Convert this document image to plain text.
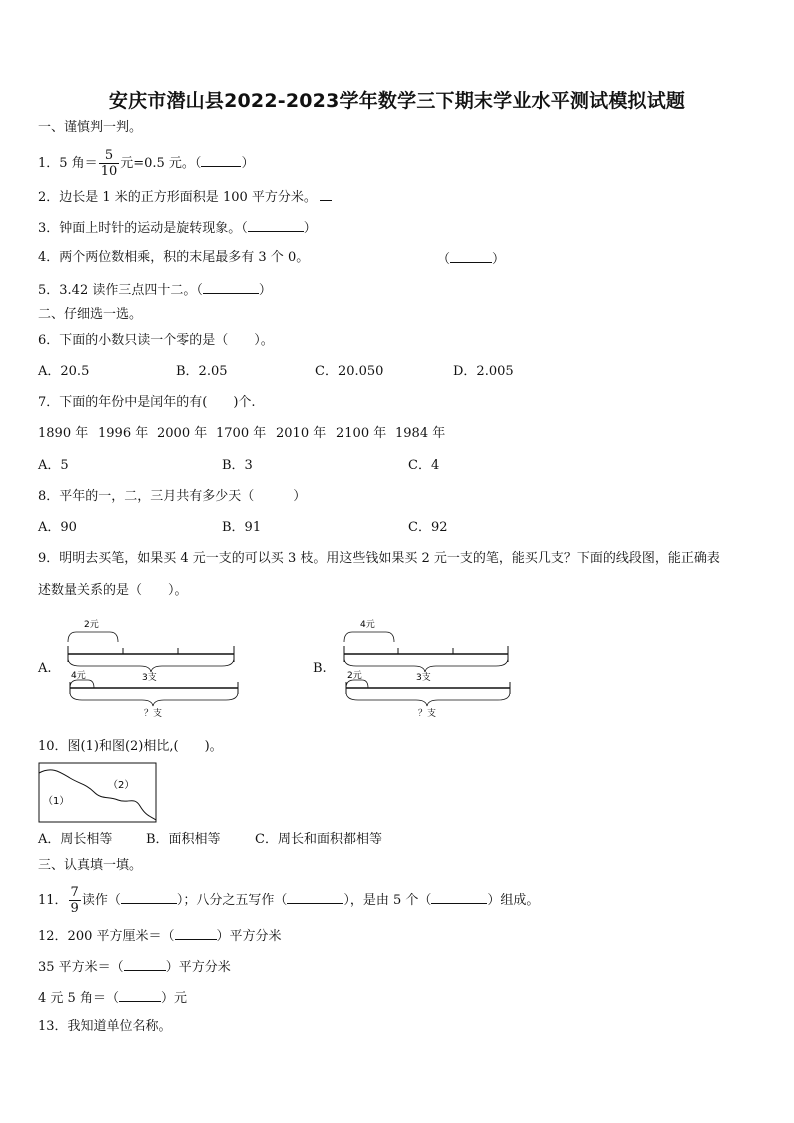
安庆市潜山县2022-2023学年数学三下期末学业水平测试模拟试题
一、谨慎判一判。
1．5 角＝ $\frac{5}{10}$ 元=0.5 元。（	）
2．边长是 1 米的正方形面积是 100 平方分米。
3．钟面上时针的运动是旋转现象。（	）
4．两个两位数相乘，积的末尾最多有 3 个 0。	（	）
5．3.42 读作三点四十二。（	）
二、仔细选一选。
6．下面的小数只读一个零的是（　　）。
A．20.5	B．2.05	C．20.050	D．2.005
7．下面的年份中是闰年的有(　　)个.
1890 年 1996 年 2000 年 1700 年 2010 年 2100 年 1984 年
A．5	B．3	C．4
8．平年的一，二，三月共有多少天（　　　）
A．90	B．91	C．92
9．明明去买笔，如果买 4 元一支的可以买 3 枝。用这些钱如果买 2 元一支的笔，能买几支？下面的线段图，能正确表
述数量关系的是（　　）。
A.
2元
3支
4元
？支
B.
4元
3支
2元
？支
10．图(1)和图(2)相比,(　　)。
（1）
（2）
A．周长相等	B．面积相等	C．周长和面积都相等
三、认真填一填。
11． $\frac{7}{9}$ 读作（	）；八分之五写作（	），是由 5 个（	）组成。
12．200 平方厘米＝（	）平方分米
35 平方米＝（	）平方分米
4 元 5 角＝（	）元
13．我知道单位名称。
